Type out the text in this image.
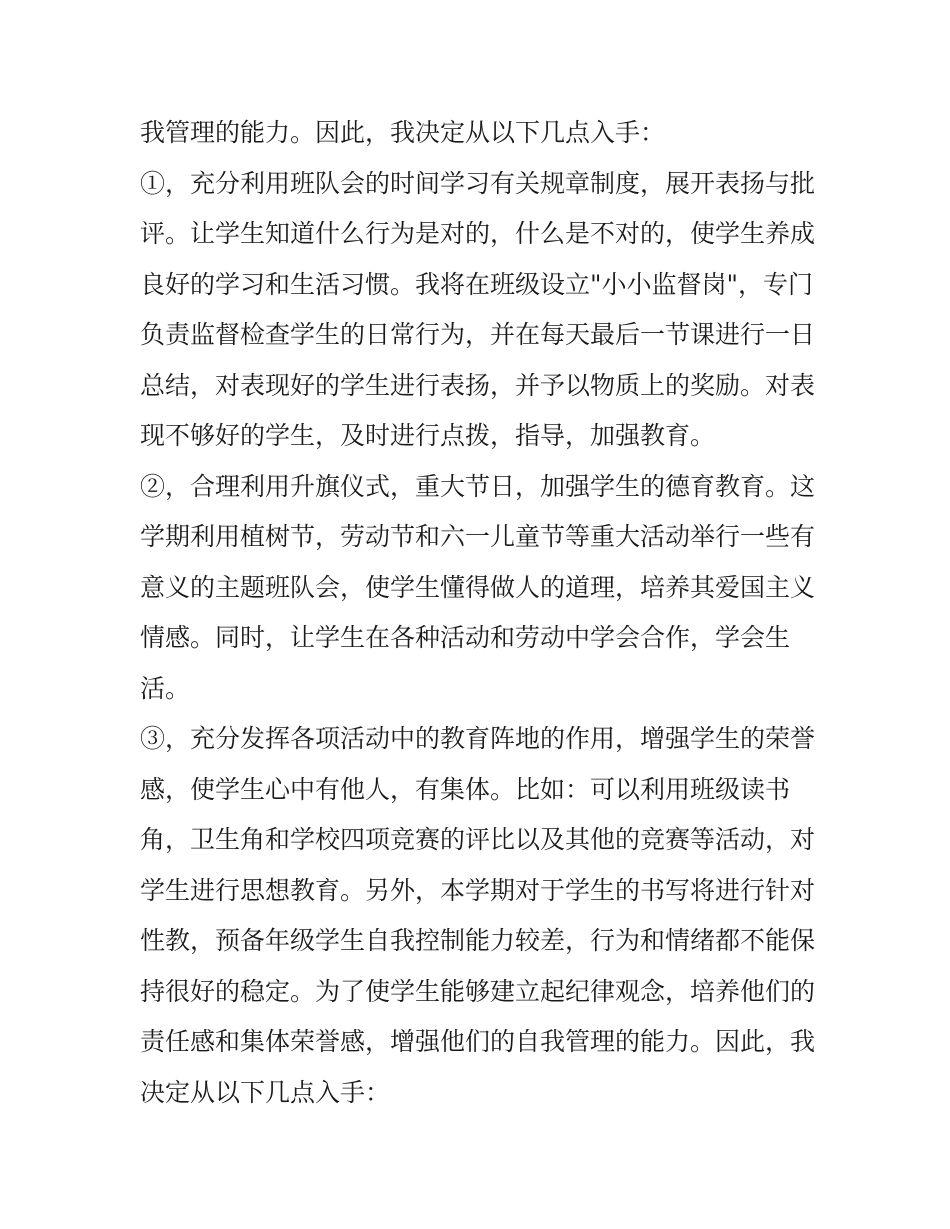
我管理的能力。因此，我决定从以下几点入手：
①，充分利用班队会的时间学习有关规章制度，展开表扬与批
评。让学生知道什么行为是对的，什么是不对的，使学生养成
良好的学习和生活习惯。我将在班级设立"小小监督岗"，专门
负责监督检查学生的日常行为，并在每天最后一节课进行一日
总结，对表现好的学生进行表扬，并予以物质上的奖励。对表
现不够好的学生，及时进行点拨，指导，加强教育。
②，合理利用升旗仪式，重大节日，加强学生的德育教育。这
学期利用植树节，劳动节和六一儿童节等重大活动举行一些有
意义的主题班队会，使学生懂得做人的道理，培养其爱国主义
情感。同时，让学生在各种活动和劳动中学会合作，学会生
活。
③，充分发挥各项活动中的教育阵地的作用，增强学生的荣誉
感，使学生心中有他人，有集体。比如：可以利用班级读书
角，卫生角和学校四项竞赛的评比以及其他的竞赛等活动，对
学生进行思想教育。另外，本学期对于学生的书写将进行针对
性教，预备年级学生自我控制能力较差，行为和情绪都不能保
持很好的稳定。为了使学生能够建立起纪律观念，培养他们的
责任感和集体荣誉感，增强他们的自我管理的能力。因此，我
决定从以下几点入手：
